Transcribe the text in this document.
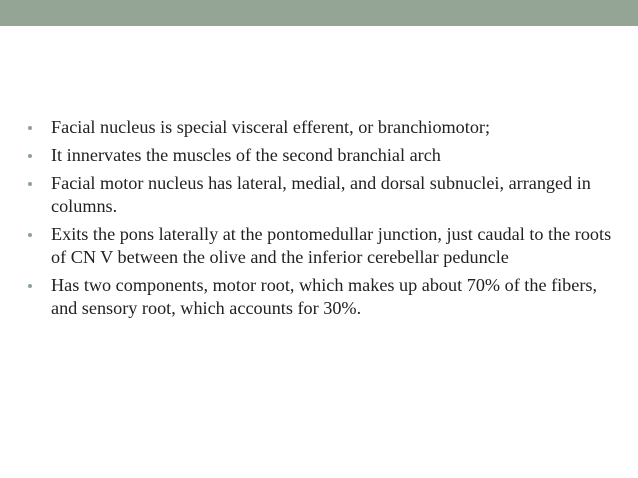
Facial nucleus is special visceral efferent, or branchiomotor;
It innervates the muscles of the second branchial arch
Facial motor nucleus has lateral, medial, and dorsal subnuclei, arranged in columns.
Exits the pons laterally at the pontomedullar junction, just caudal to the roots of CN V between the olive and the inferior cerebellar peduncle
Has two components, motor root, which makes up about 70% of the fibers, and sensory root, which accounts for 30%.
